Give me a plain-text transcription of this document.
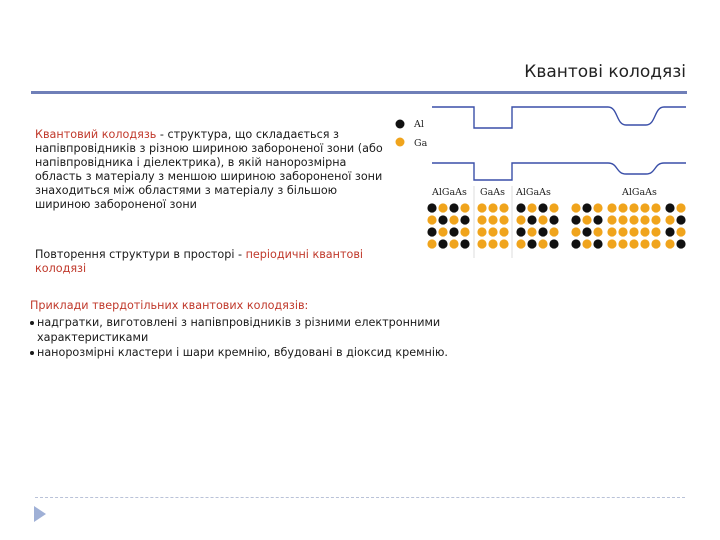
Квантові колодязі
Квантовий колодязь - структура, що складається з напівпровідників з різною шириною забороненої зони (або напівпровідника і діелектрика), в якій нанорозмірна область з матеріалу з меншою шириною забороненої зони знаходиться між областями з матеріалу з більшою шириною забороненої зони
Повторення структури в просторі - періодичні квантові колодязі
Приклади твердотільних квантових колодязів:
надгратки, виготовлені з напівпровідників з різними електронними характеристиками
нанорозмірні кластери і шари кремнію, вбудовані в діоксид кремнію.
Al
Ga
AlGaAs GaAs AlGaAs	AlGaAs
